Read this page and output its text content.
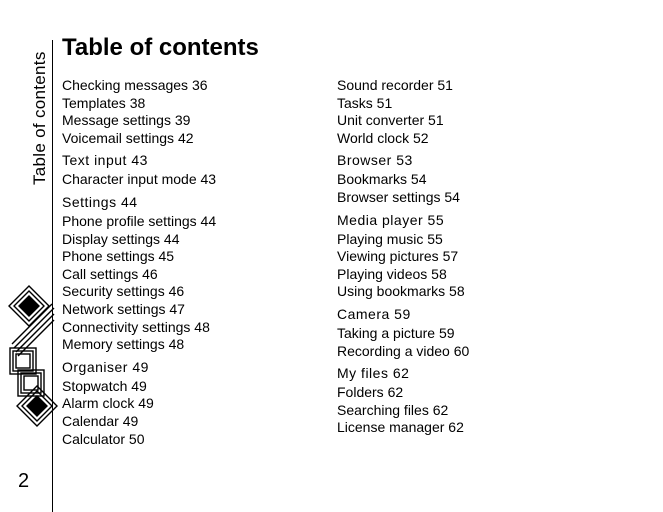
Table of contents
2
Table of contents
Checking messages 36
Templates 38
Message settings 39
Voicemail settings 42
Text input 43
Character input mode 43
Settings 44
Phone profile settings 44
Display settings 44
Phone settings 45
Call settings 46
Security settings 46
Network settings 47
Connectivity settings 48
Memory settings 48
Organiser 49
Stopwatch 49
Alarm clock 49
Calendar 49
Calculator 50
Sound recorder 51
Tasks 51
Unit converter 51
World clock 52
Browser 53
Bookmarks 54
Browser settings 54
Media player 55
Playing music 55
Viewing pictures 57
Playing videos 58
Using bookmarks 58
Camera 59
Taking a picture 59
Recording a video 60
My files 62
Folders 62
Searching files 62
License manager 62
